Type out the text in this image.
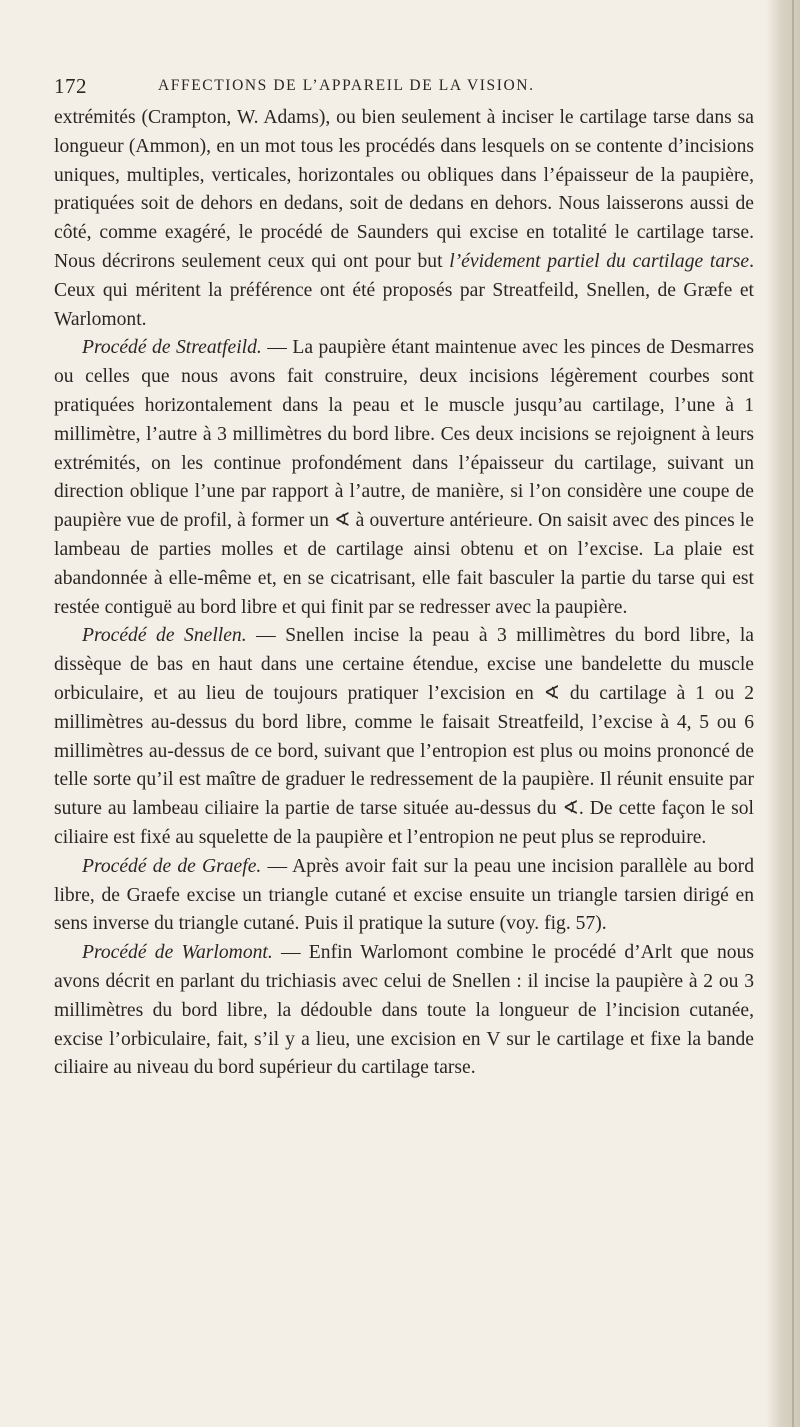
172	AFFECTIONS DE L’APPAREIL DE LA VISION.

extrémités (Crampton, W. Adams), ou bien seulement à inciser le cartilage tarse dans sa longueur (Ammon), en un mot tous les procédés dans lesquels on se contente d’incisions uniques, multiples, verticales, horizontales ou obliques dans l’épaisseur de la paupière, pratiquées soit de dehors en dedans, soit de dedans en dehors. Nous laisserons aussi de côté, comme exagéré, le procédé de Saunders qui excise en totalité le cartilage tarse. Nous décrirons seulement ceux qui ont pour but l’évidement partiel du cartilage tarse. Ceux qui méritent la préférence ont été proposés par Streatfeild, Snellen, de Græfe et Warlomont.

Procédé de Streatfeild. — La paupière étant maintenue avec les pinces de Desmarres ou celles que nous avons fait construire, deux incisions légèrement courbes sont pratiquées horizontalement dans la peau et le muscle jusqu’au cartilage, l’une à 1 millimètre, l’autre à 3 millimètres du bord libre. Ces deux incisions se rejoignent à leurs extrémités, on les continue profondément dans l’épaisseur du cartilage, suivant un direction oblique l’une par rapport à l’autre, de manière, si l’on considère une coupe de paupière vue de profil, à former un ∢ à ouverture antérieure. On saisit avec des pinces le lambeau de parties molles et de cartilage ainsi obtenu et on l’excise. La plaie est abandonnée à elle-même et, en se cicatrisant, elle fait basculer la partie du tarse qui est restée contiguë au bord libre et qui finit par se redresser avec la paupière.

Procédé de Snellen. — Snellen incise la peau à 3 millimètres du bord libre, la dissèque de bas en haut dans une certaine étendue, excise une bandelette du muscle orbiculaire, et au lieu de toujours pratiquer l’excision en ∢ du cartilage à 1 ou 2 millimètres au-dessus du bord libre, comme le faisait Streatfeild, l’excise à 4, 5 ou 6 millimètres au-dessus de ce bord, suivant que l’entropion est plus ou moins prononcé de telle sorte qu’il est maître de graduer le redressement de la paupière. Il réunit ensuite par suture au lambeau ciliaire la partie de tarse située au-dessus du ∢. De cette façon le sol ciliaire est fixé au squelette de la paupière et l’entropion ne peut plus se reproduire.

Procédé de de Graefe. — Après avoir fait sur la peau une incision parallèle au bord libre, de Graefe excise un triangle cutané et excise ensuite un triangle tarsien dirigé en sens inverse du triangle cutané. Puis il pratique la suture (voy. fig. 57).

Procédé de Warlomont. — Enfin Warlomont combine le procédé d’Arlt que nous avons décrit en parlant du trichiasis avec celui de Snellen : il incise la paupière à 2 ou 3 millimètres du bord libre, la dédouble dans toute la longueur de l’incision cutanée, excise l’orbiculaire, fait, s’il y a lieu, une excision en V sur le cartilage et fixe la bande ciliaire au niveau du bord supérieur du cartilage tarse.
